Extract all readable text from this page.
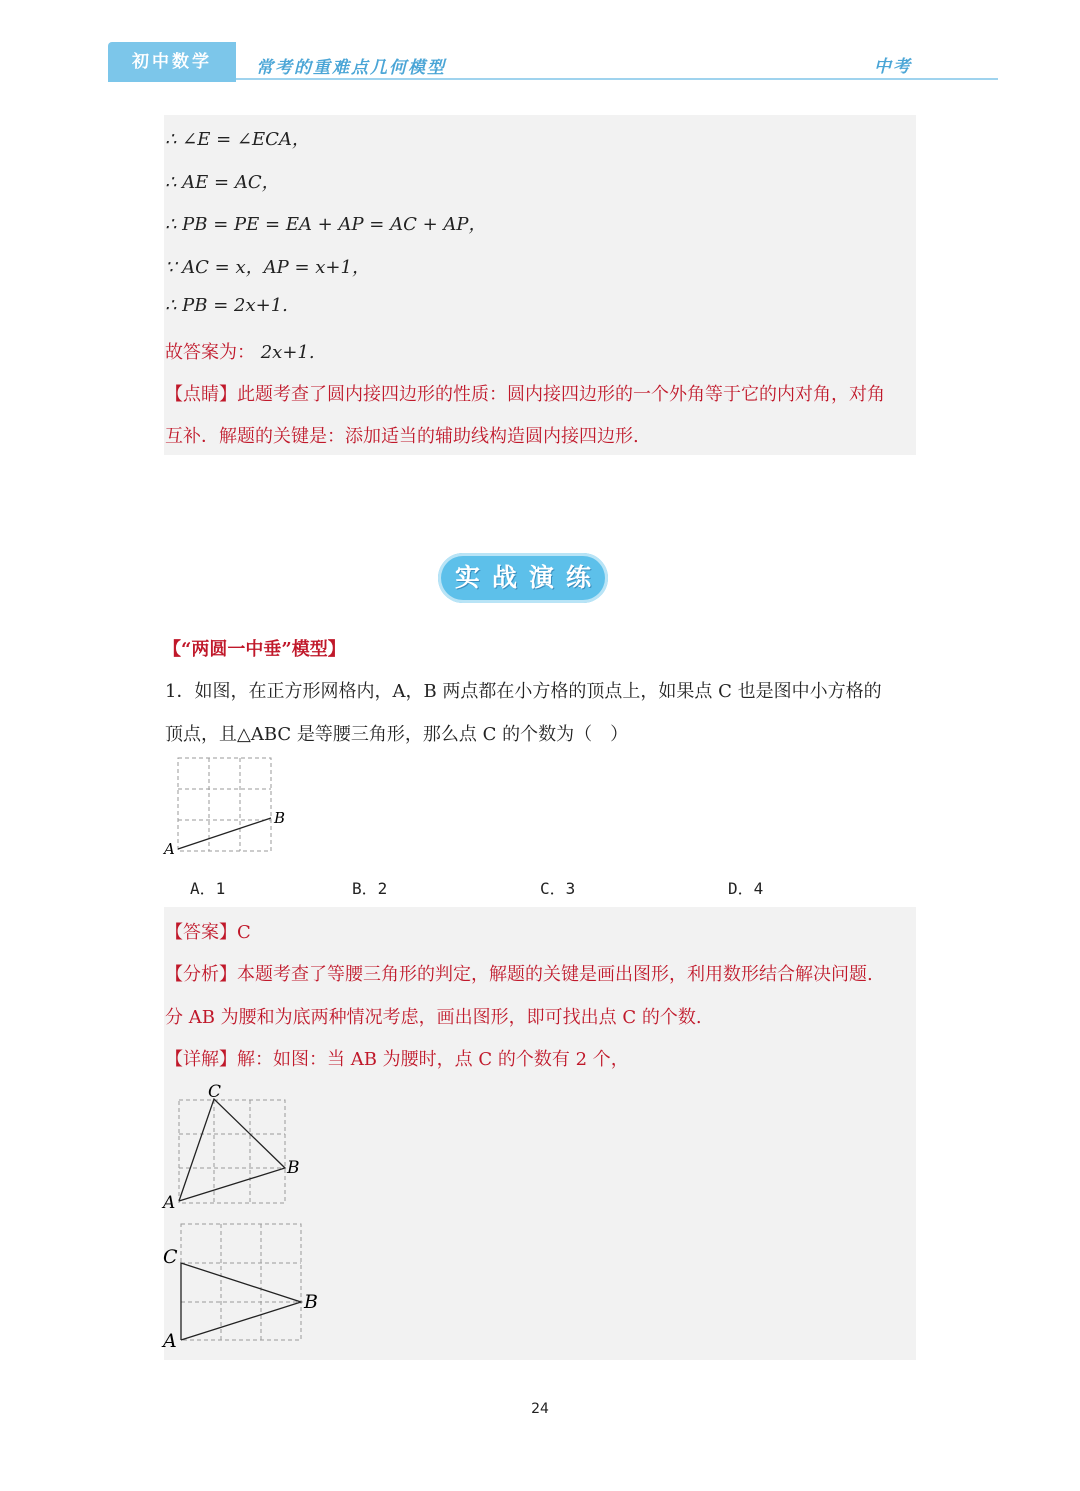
初中数学	常考的重难点几何模型	中考
∴ ∠E = ∠ECA，
∴ AE = AC，
∴ PB = PE = EA + AP = AC + AP，
∵ AC = x，AP = x+1，
∴ PB = 2x+1.
故答案为： 2x+1.
【点睛】此题考查了圆内接四边形的性质：圆内接四边形的一个外角等于它的内对角，对角
互补．解题的关键是：添加适当的辅助线构造圆内接四边形.
实战演练
【“两圆一中垂”模型】
1．如图，在正方形网格内，A，B 两点都在小方格的顶点上，如果点 C 也是图中小方格的
顶点，且△ABC 是等腰三角形，那么点 C 的个数为（　）
A
B
A．1	B．2	C．3	D．4
【答案】C
【分析】本题考查了等腰三角形的判定，解题的关键是画出图形，利用数形结合解决问题.
分 AB 为腰和为底两种情况考虑，画出图形，即可找出点 C 的个数.
【详解】解：如图：当 AB 为腰时，点 C 的个数有 2 个，
A
B
C
A
B
C
24
